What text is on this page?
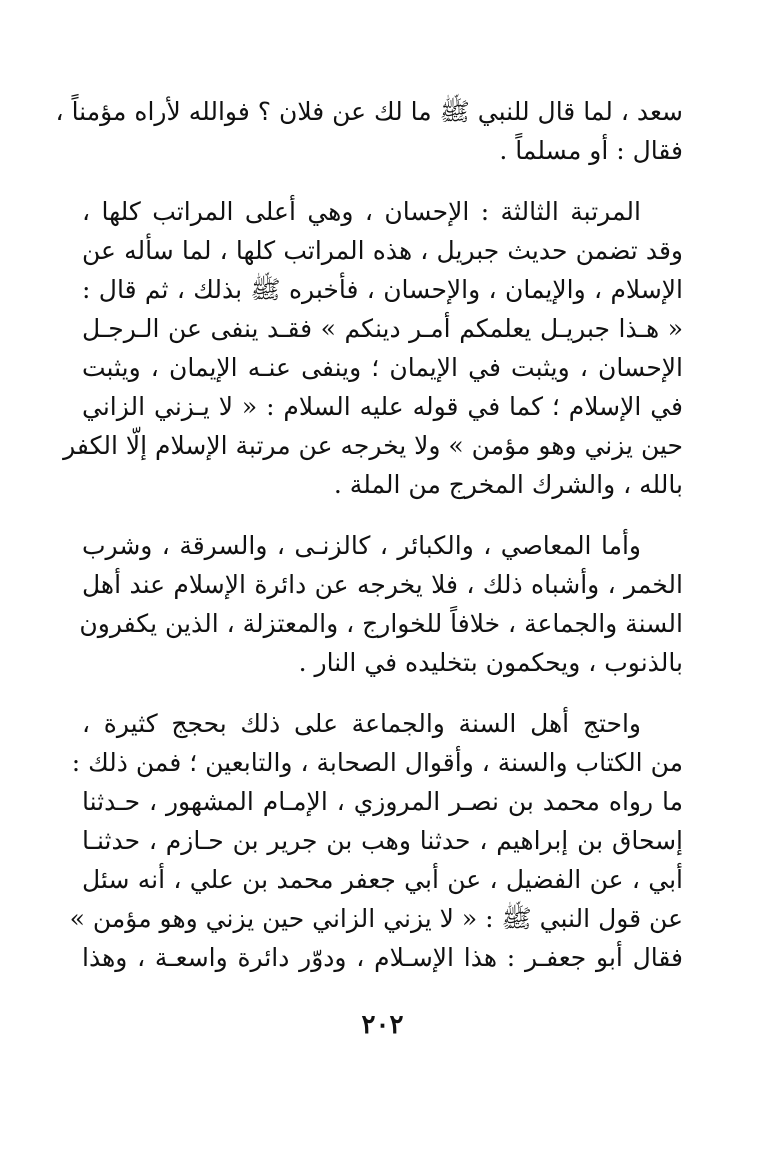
سعد ، لما قال للنبي ﷺ ما لك عن فلان ؟ فوالله لأراه مؤمناً ،
فقال : أو مسلماً .
المرتبة الثالثة : الإحسان ، وهي أعلى المراتب كلها ،
وقد تضمن حديث جبريل ، هذه المراتب كلها ، لما سأله عن
الإسلام ، والإيمان ، والإحسان ، فأخبره ﷺ بذلك ، ثم قال :
« هـذا جبريـل يعلمكم أمـر دينكم » فقـد ينفى عن الـرجـل
الإحسان ، ويثبت في الإيمان ؛ وينفى عنـه الإيمان ، ويثبت
في الإسلام ؛ كما في قوله عليه السلام : « لا يـزني الزاني
حين يزني وهو مؤمن » ولا يخرجه عن مرتبة الإسلام إلّا الكفر
بالله ، والشرك المخرج من الملة .
وأما المعاصي ، والكبائر ، كالزنـى ، والسرقة ، وشرب
الخمر ، وأشباه ذلك ، فلا يخرجه عن دائرة الإسلام عند أهل
السنة والجماعة ، خلافاً للخوارج ، والمعتزلة ، الذين يكفرون
بالذنوب ، ويحكمون بتخليده في النار .
واحتج أهل السنة والجماعة على ذلك بحجج كثيرة ،
من الكتاب والسنة ، وأقوال الصحابة ، والتابعين ؛ فمن ذلك :
ما رواه محمد بن نصـر المروزي ، الإمـام المشهور ، حـدثنا
إسحاق بن إبراهيم ، حدثنا وهب بن جرير بن حـازم ، حدثنـا
أبي ، عن الفضيل ، عن أبي جعفر محمد بن علي ، أنه سئل
عن قول النبي ﷺ : « لا يزني الزاني حين يزني وهو مؤمن »
فقال أبو جعفـر : هذا الإسـلام ، ودوّر دائرة واسعـة ، وهذا
٢٠٢
